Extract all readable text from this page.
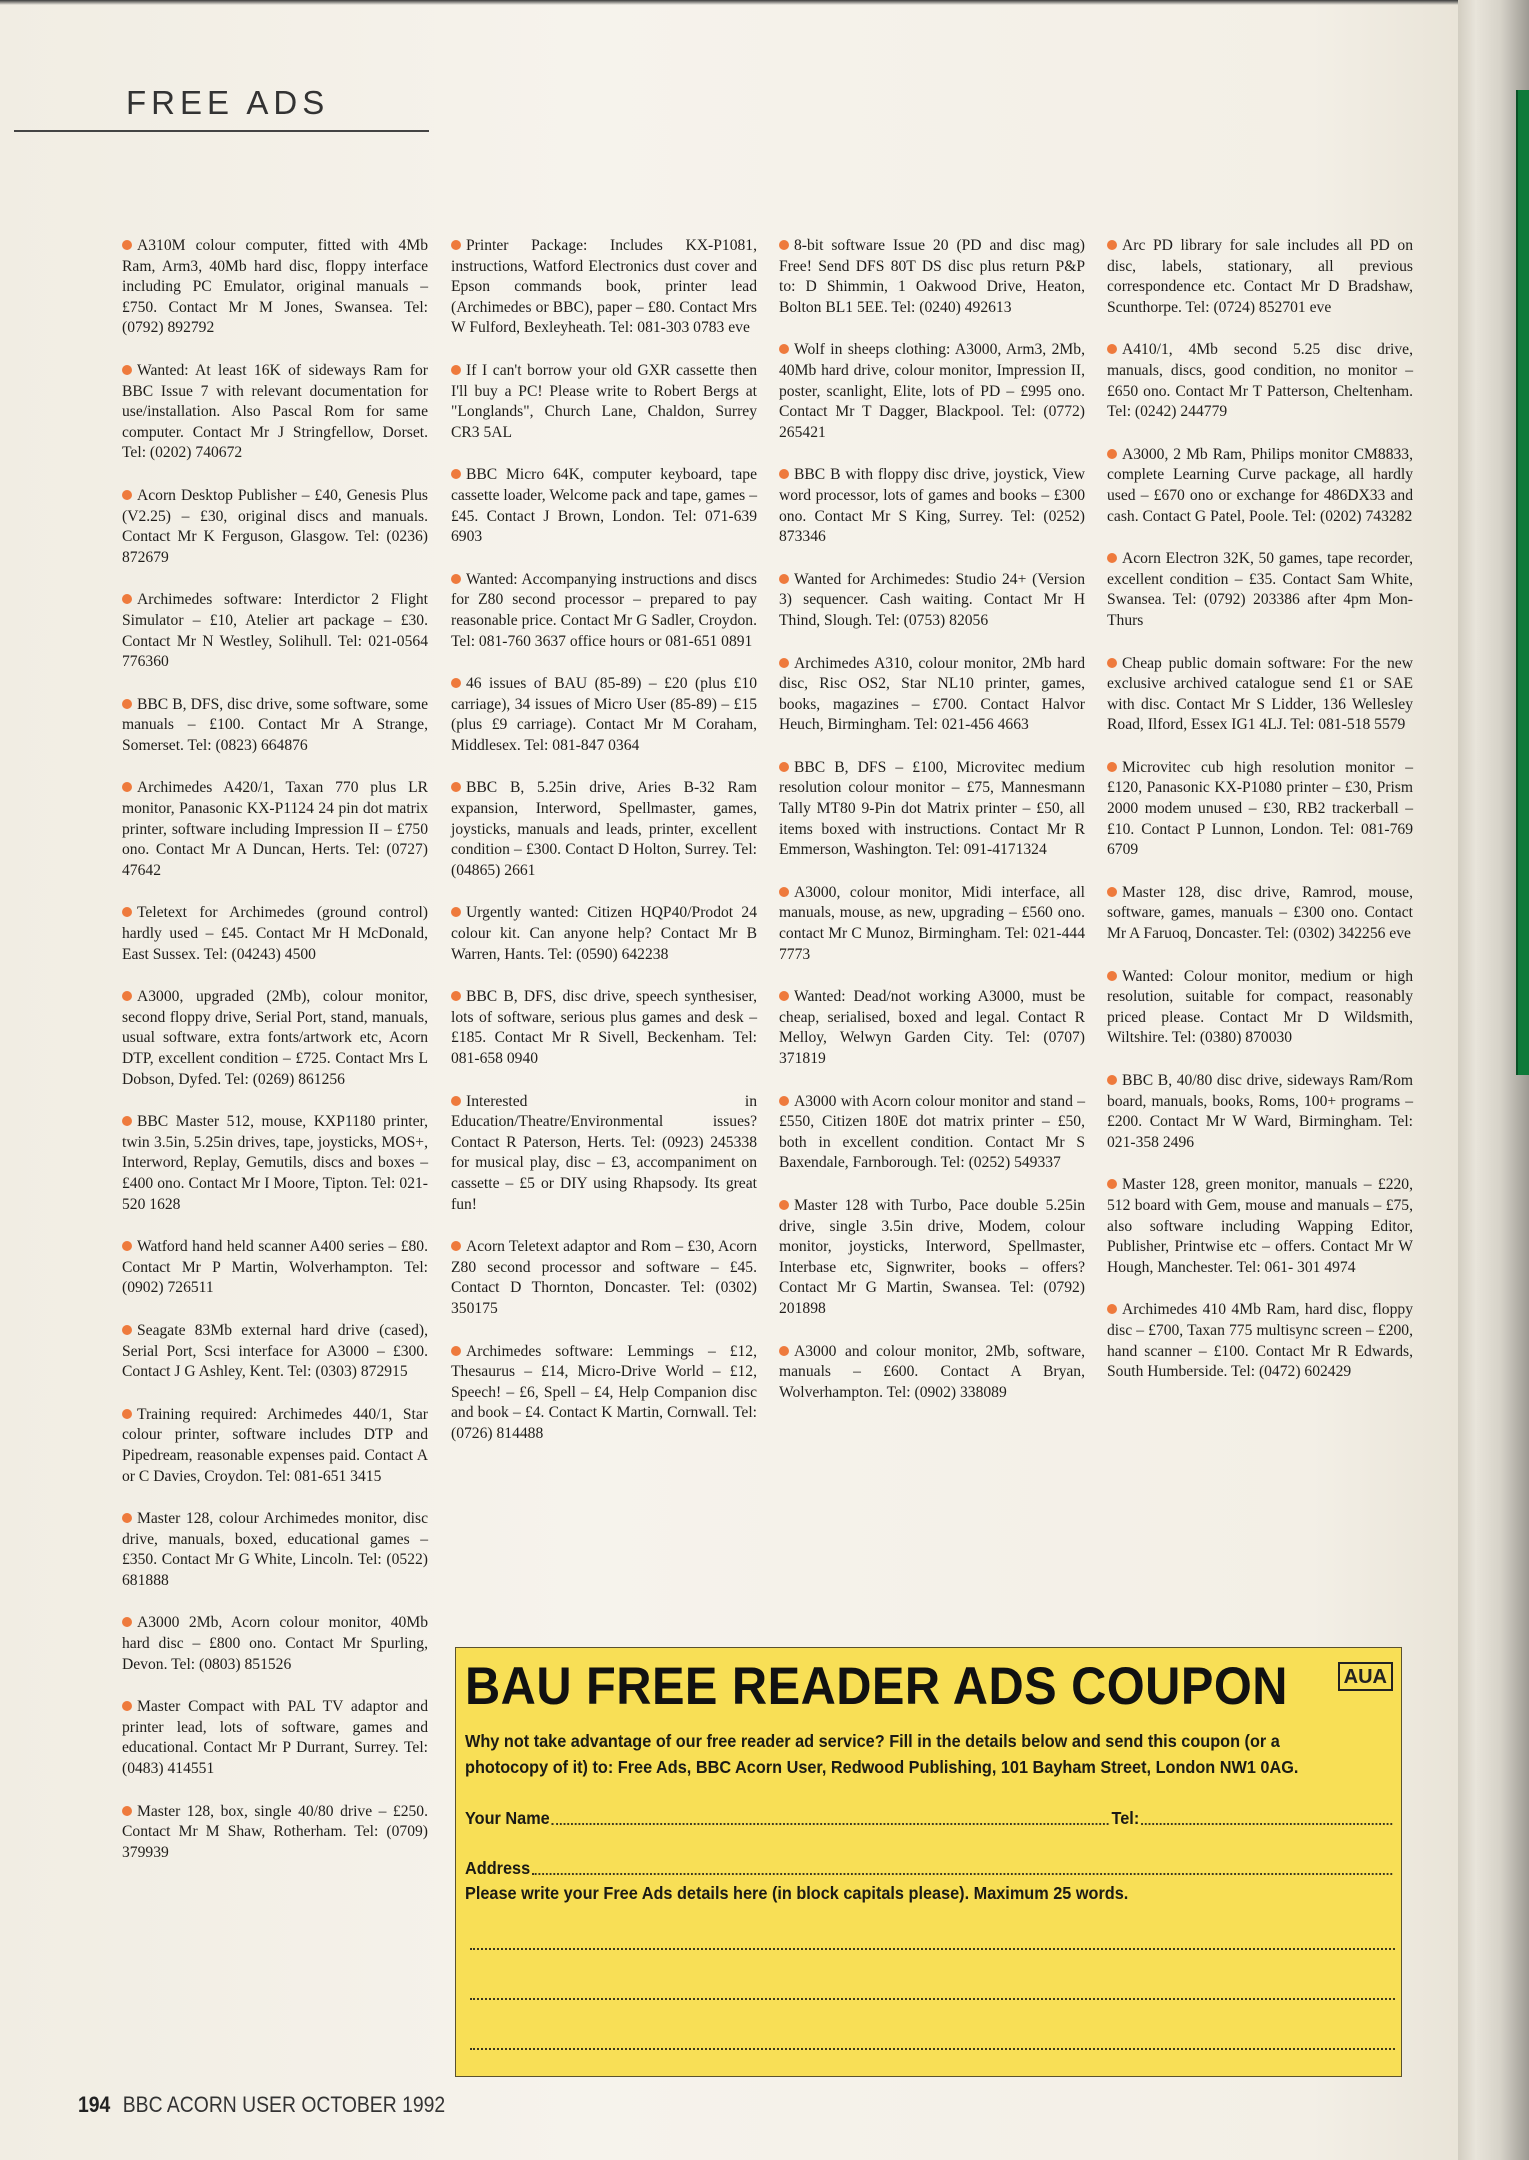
FREE ADS

A310M colour computer, fitted with 4Mb Ram, Arm3, 40Mb hard disc, floppy interface including PC Emulator, original manuals – £750. Contact Mr M Jones, Swansea. Tel: (0792) 892792

Wanted: At least 16K of sideways Ram for BBC Issue 7 with relevant documentation for use/installation. Also Pascal Rom for same computer. Contact Mr J Stringfellow, Dorset. Tel: (0202) 740672

Acorn Desktop Publisher – £40, Genesis Plus (V2.25) – £30, original discs and manuals. Contact Mr K Ferguson, Glasgow. Tel: (0236) 872679

Archimedes software: Interdictor 2 Flight Simulator – £10, Atelier art package – £30. Contact Mr N Westley, Solihull. Tel: 021-0564 776360

BBC B, DFS, disc drive, some software, some manuals – £100. Contact Mr A Strange, Somerset. Tel: (0823) 664876

Archimedes A420/1, Taxan 770 plus LR monitor, Panasonic KX-P1124 24 pin dot matrix printer, software including Impression II – £750 ono. Contact Mr A Duncan, Herts. Tel: (0727) 47642

Teletext for Archimedes (ground control) hardly used – £45. Contact Mr H McDonald, East Sussex. Tel: (04243) 4500

A3000, upgraded (2Mb), colour monitor, second floppy drive, Serial Port, stand, manuals, usual software, extra fonts/artwork etc, Acorn DTP, excellent condition – £725. Contact Mrs L Dobson, Dyfed. Tel: (0269) 861256

BBC Master 512, mouse, KXP1180 printer, twin 3.5in, 5.25in drives, tape, joysticks, MOS+, Interword, Replay, Gemutils, discs and boxes – £400 ono. Contact Mr I Moore, Tipton. Tel: 021-520 1628

Watford hand held scanner A400 series – £80. Contact Mr P Martin, Wolverhampton. Tel: (0902) 726511

Seagate 83Mb external hard drive (cased), Serial Port, Scsi interface for A3000 – £300. Contact J G Ashley, Kent. Tel: (0303) 872915

Training required: Archimedes 440/1, Star colour printer, software includes DTP and Pipedream, reasonable expenses paid. Contact A or C Davies, Croydon. Tel: 081-651 3415

Master 128, colour Archimedes monitor, disc drive, manuals, boxed, educational games – £350. Contact Mr G White, Lincoln. Tel: (0522) 681888

A3000 2Mb, Acorn colour monitor, 40Mb hard disc – £800 ono. Contact Mr Spurling, Devon. Tel: (0803) 851526

Master Compact with PAL TV adaptor and printer lead, lots of software, games and educational. Contact Mr P Durrant, Surrey. Tel: (0483) 414551

Master 128, box, single 40/80 drive – £250. Contact Mr M Shaw, Rotherham. Tel: (0709) 379939

Printer Package: Includes KX-P1081, instructions, Watford Electronics dust cover and Epson commands book, printer lead (Archimedes or BBC), paper – £80. Contact Mrs W Fulford, Bexleyheath. Tel: 081-303 0783 eve

If I can't borrow your old GXR cassette then I'll buy a PC! Please write to Robert Bergs at "Longlands", Church Lane, Chaldon, Surrey CR3 5AL

BBC Micro 64K, computer keyboard, tape cassette loader, Welcome pack and tape, games – £45. Contact J Brown, London. Tel: 071-639 6903

Wanted: Accompanying instructions and discs for Z80 second processor – prepared to pay reasonable price. Contact Mr G Sadler, Croydon. Tel: 081-760 3637 office hours or 081-651 0891

46 issues of BAU (85-89) – £20 (plus £10 carriage), 34 issues of Micro User (85-89) – £15 (plus £9 carriage). Contact Mr M Coraham, Middlesex. Tel: 081-847 0364

BBC B, 5.25in drive, Aries B-32 Ram expansion, Interword, Spellmaster, games, joysticks, manuals and leads, printer, excellent condition – £300. Contact D Holton, Surrey. Tel: (04865) 2661

Urgently wanted: Citizen HQP40/Prodot 24 colour kit. Can anyone help? Contact Mr B Warren, Hants. Tel: (0590) 642238

BBC B, DFS, disc drive, speech synthesiser, lots of software, serious plus games and desk – £185. Contact Mr R Sivell, Beckenham. Tel: 081-658 0940

Interested in Education/Theatre/Environmental issues? Contact R Paterson, Herts. Tel: (0923) 245338 for musical play, disc – £3, accompaniment on cassette – £5 or DIY using Rhapsody. Its great fun!

Acorn Teletext adaptor and Rom – £30, Acorn Z80 second processor and software – £45. Contact D Thornton, Doncaster. Tel: (0302) 350175

Archimedes software: Lemmings – £12, Thesaurus – £14, Micro-Drive World – £12, Speech! – £6, Spell – £4, Help Companion disc and book – £4. Contact K Martin, Cornwall. Tel: (0726) 814488

8-bit software Issue 20 (PD and disc mag) Free! Send DFS 80T DS disc plus return P&P to: D Shimmin, 1 Oakwood Drive, Heaton, Bolton BL1 5EE. Tel: (0240) 492613

Wolf in sheeps clothing: A3000, Arm3, 2Mb, 40Mb hard drive, colour monitor, Impression II, poster, scanlight, Elite, lots of PD – £995 ono. Contact Mr T Dagger, Blackpool. Tel: (0772) 265421

BBC B with floppy disc drive, joystick, View word processor, lots of games and books – £300 ono. Contact Mr S King, Surrey. Tel: (0252) 873346

Wanted for Archimedes: Studio 24+ (Version 3) sequencer. Cash waiting. Contact Mr H Thind, Slough. Tel: (0753) 82056

Archimedes A310, colour monitor, 2Mb hard disc, Risc OS2, Star NL10 printer, games, books, magazines – £700. Contact Halvor Heuch, Birmingham. Tel: 021-456 4663

BBC B, DFS – £100, Microvitec medium resolution colour monitor – £75, Mannesmann Tally MT80 9-Pin dot Matrix printer – £50, all items boxed with instructions. Contact Mr R Emmerson, Washington. Tel: 091-4171324

A3000, colour monitor, Midi interface, all manuals, mouse, as new, upgrading – £560 ono. contact Mr C Munoz, Birmingham. Tel: 021-444 7773

Wanted: Dead/not working A3000, must be cheap, serialised, boxed and legal. Contact R Melloy, Welwyn Garden City. Tel: (0707) 371819

A3000 with Acorn colour monitor and stand – £550, Citizen 180E dot matrix printer – £50, both in excellent condition. Contact Mr S Baxendale, Farnborough. Tel: (0252) 549337

Master 128 with Turbo, Pace double 5.25in drive, single 3.5in drive, Modem, colour monitor, joysticks, Interword, Spellmaster, Interbase etc, Signwriter, books – offers? Contact Mr G Martin, Swansea. Tel: (0792) 201898

A3000 and colour monitor, 2Mb, software, manuals – £600. Contact A Bryan, Wolverhampton. Tel: (0902) 338089

Arc PD library for sale includes all PD on disc, labels, stationary, all previous correspondence etc. Contact Mr D Bradshaw, Scunthorpe. Tel: (0724) 852701 eve

A410/1, 4Mb second 5.25 disc drive, manuals, discs, good condition, no monitor – £650 ono. Contact Mr T Patterson, Cheltenham. Tel: (0242) 244779

A3000, 2 Mb Ram, Philips monitor CM8833, complete Learning Curve package, all hardly used – £670 ono or exchange for 486DX33 and cash. Contact G Patel, Poole. Tel: (0202) 743282

Acorn Electron 32K, 50 games, tape recorder, excellent condition – £35. Contact Sam White, Swansea. Tel: (0792) 203386 after 4pm Mon-Thurs

Cheap public domain software: For the new exclusive archived catalogue send £1 or SAE with disc. Contact Mr S Lidder, 136 Wellesley Road, Ilford, Essex IG1 4LJ. Tel: 081-518 5579

Microvitec cub high resolution monitor – £120, Panasonic KX-P1080 printer – £30, Prism 2000 modem unused – £30, RB2 trackerball – £10. Contact P Lunnon, London. Tel: 081-769 6709

Master 128, disc drive, Ramrod, mouse, software, games, manuals – £300 ono. Contact Mr A Faruoq, Doncaster. Tel: (0302) 342256 eve

Wanted: Colour monitor, medium or high resolution, suitable for compact, reasonably priced please. Contact Mr D Wildsmith, Wiltshire. Tel: (0380) 870030

BBC B, 40/80 disc drive, sideways Ram/Rom board, manuals, books, Roms, 100+ programs – £200. Contact Mr W Ward, Birmingham. Tel: 021-358 2496

Master 128, green monitor, manuals – £220, 512 board with Gem, mouse and manuals – £75, also software including Wapping Editor, Publisher, Printwise etc – offers. Contact Mr W Hough, Manchester. Tel: 061- 301 4974

Archimedes 410 4Mb Ram, hard disc, floppy disc – £700, Taxan 775 multisync screen – £200, hand scanner – £100. Contact Mr R Edwards, South Humberside. Tel: (0472) 602429

BAU FREE READER ADS COUPON	AUA
Why not take advantage of our free reader ad service? Fill in the details below and send this coupon (or a photocopy of it) to: Free Ads, BBC Acorn User, Redwood Publishing, 101 Bayham Street, London NW1 0AG.
Your Name	Tel:
Address
Please write your Free Ads details here (in block capitals please). Maximum 25 words.
194 BBC ACORN USER OCTOBER 1992
